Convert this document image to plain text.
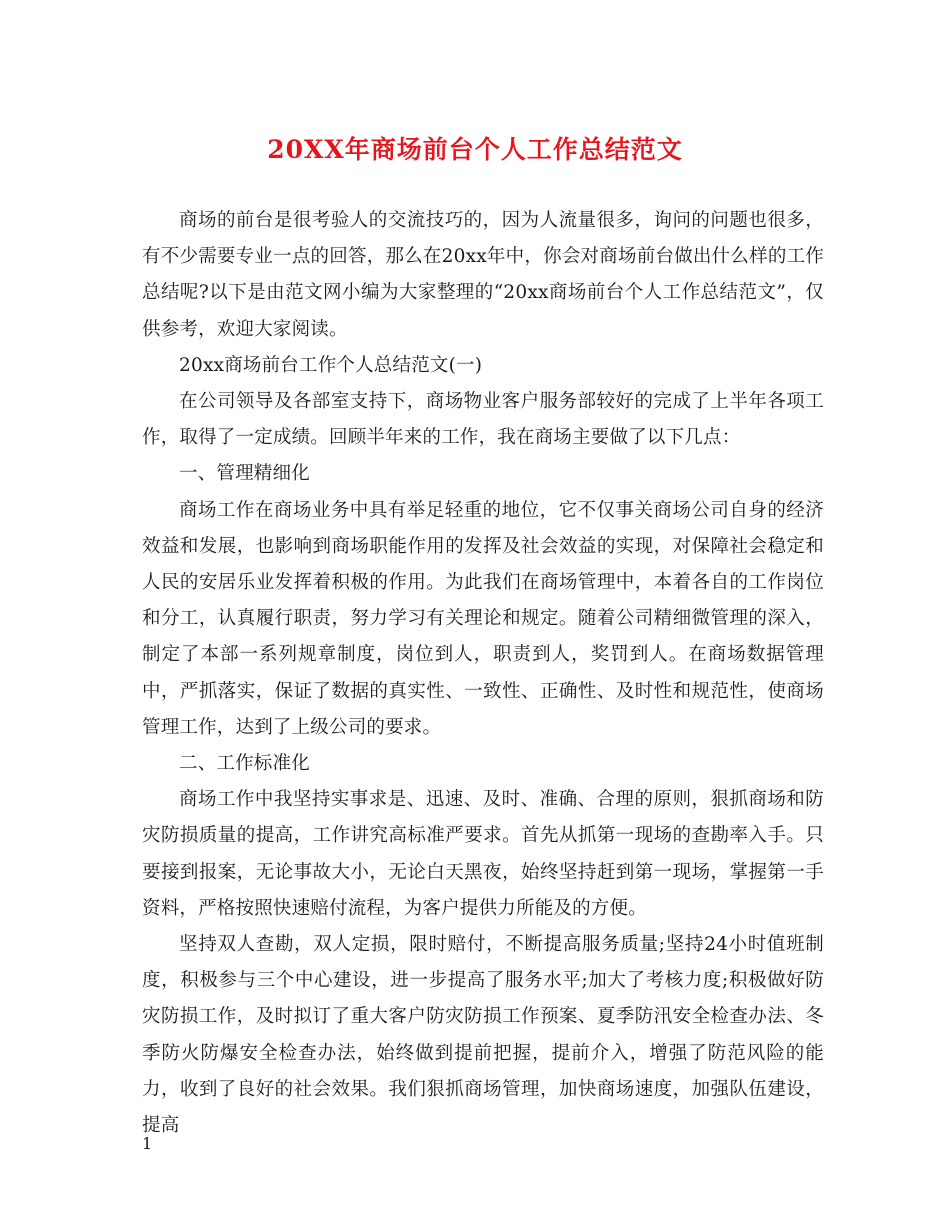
20XX年商场前台个人工作总结范文

商场的前台是很考验人的交流技巧的，因为人流量很多，询问的问题也很多，有不少需要专业一点的回答，那么在20xx年中，你会对商场前台做出什么样的工作总结呢?以下是由范文网小编为大家整理的“20xx商场前台个人工作总结范文”，仅供参考，欢迎大家阅读。

20xx商场前台工作个人总结范文(一)

在公司领导及各部室支持下，商场物业客户服务部较好的完成了上半年各项工作，取得了一定成绩。回顾半年来的工作，我在商场主要做了以下几点：

一、管理精细化

商场工作在商场业务中具有举足轻重的地位，它不仅事关商场公司自身的经济效益和发展，也影响到商场职能作用的发挥及社会效益的实现，对保障社会稳定和人民的安居乐业发挥着积极的作用。为此我们在商场管理中，本着各自的工作岗位和分工，认真履行职责，努力学习有关理论和规定。随着公司精细微管理的深入，制定了本部一系列规章制度，岗位到人，职责到人，奖罚到人。在商场数据管理中，严抓落实，保证了数据的真实性、一致性、正确性、及时性和规范性，使商场管理工作，达到了上级公司的要求。

二、工作标准化

商场工作中我坚持实事求是、迅速、及时、准确、合理的原则，狠抓商场和防灾防损质量的提高，工作讲究高标准严要求。首先从抓第一现场的查勘率入手。只要接到报案，无论事故大小，无论白天黑夜，始终坚持赶到第一现场，掌握第一手资料，严格按照快速赔付流程，为客户提供力所能及的方便。

坚持双人查勘，双人定损，限时赔付，不断提高服务质量;坚持24小时值班制度，积极参与三个中心建设，进一步提高了服务水平;加大了考核力度;积极做好防灾防损工作，及时拟订了重大客户防灾防损工作预案、夏季防汛安全检查办法、冬季防火防爆安全检查办法，始终做到提前把握，提前介入，增强了防范风险的能力，收到了良好的社会效果。我们狠抓商场管理，加快商场速度，加强队伍建设，提高

1
